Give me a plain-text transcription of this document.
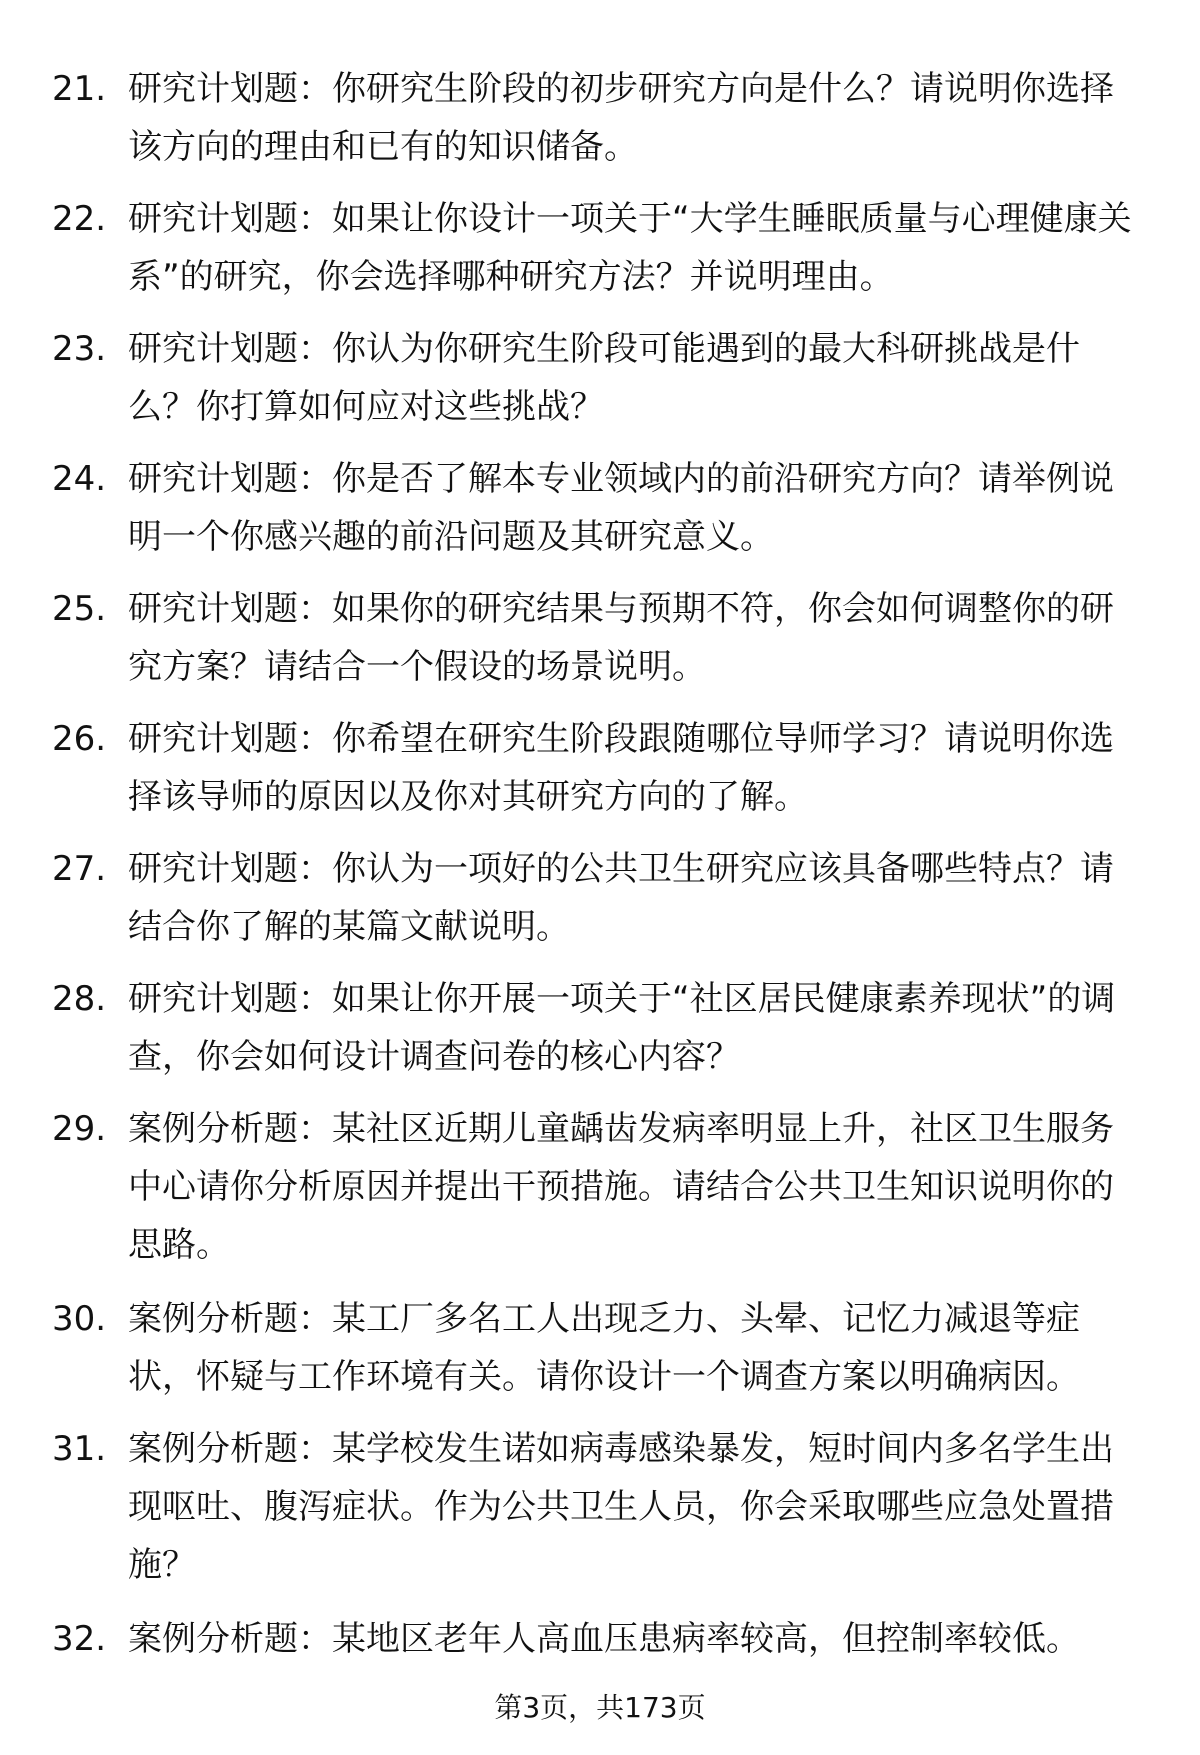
21. 研究计划题：你研究生阶段的初步研究方向是什么？请说明你选择该方向的理由和已有的知识储备。
22. 研究计划题：如果让你设计一项关于“大学生睡眠质量与心理健康关系”的研究，你会选择哪种研究方法？并说明理由。
23. 研究计划题：你认为你研究生阶段可能遇到的最大科研挑战是什么？你打算如何应对这些挑战？
24. 研究计划题：你是否了解本专业领域内的前沿研究方向？请举例说明一个你感兴趣的前沿问题及其研究意义。
25. 研究计划题：如果你的研究结果与预期不符，你会如何调整你的研究方案？请结合一个假设的场景说明。
26. 研究计划题：你希望在研究生阶段跟随哪位导师学习？请说明你选择该导师的原因以及你对其研究方向的了解。
27. 研究计划题：你认为一项好的公共卫生研究应该具备哪些特点？请结合你了解的某篇文献说明。
28. 研究计划题：如果让你开展一项关于“社区居民健康素养现状”的调查，你会如何设计调查问卷的核心内容？
29. 案例分析题：某社区近期儿童龋齿发病率明显上升，社区卫生服务中心请你分析原因并提出干预措施。请结合公共卫生知识说明你的思路。
30. 案例分析题：某工厂多名工人出现乏力、头晕、记忆力减退等症状，怀疑与工作环境有关。请你设计一个调查方案以明确病因。
31. 案例分析题：某学校发生诺如病毒感染暴发，短时间内多名学生出现呕吐、腹泻症状。作为公共卫生人员，你会采取哪些应急处置措施？
32. 案例分析题：某地区老年人高血压患病率较高，但控制率较低。
第3页，共173页
